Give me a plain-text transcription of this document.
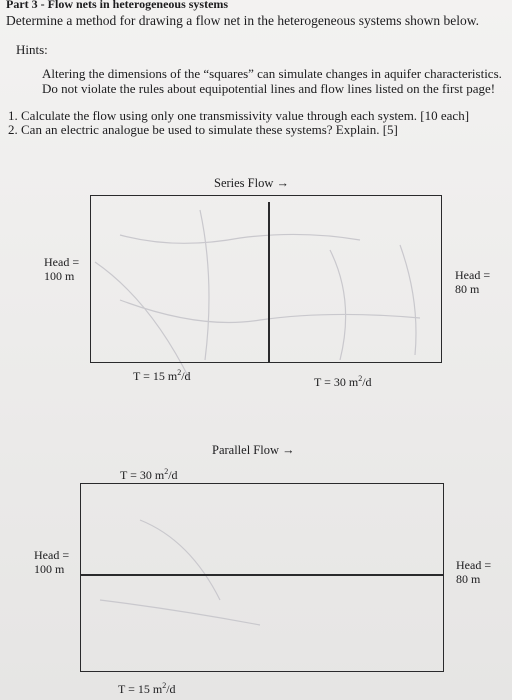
Part 3 - Flow nets in heterogeneous systems
Determine a method for drawing a flow net in the heterogeneous systems shown below.
Hints:
Altering the dimensions of the “squares” can simulate changes in aquifer characteristics.
Do not violate the rules about equipotential lines and flow lines listed on the first page!
1. Calculate the flow using only one transmissivity value through each system. [10 each]
2. Can an electric analogue be used to simulate these systems? Explain. [5]
Series Flow →
Head =
100 m	Head =
80 m
T = 15 $m^2/d$	T = 30 $m^2/d$
Parallel Flow →
T = 30 $m^2/d$
Head =
100 m	Head =
80 m
T = 15 $m^2/d$
